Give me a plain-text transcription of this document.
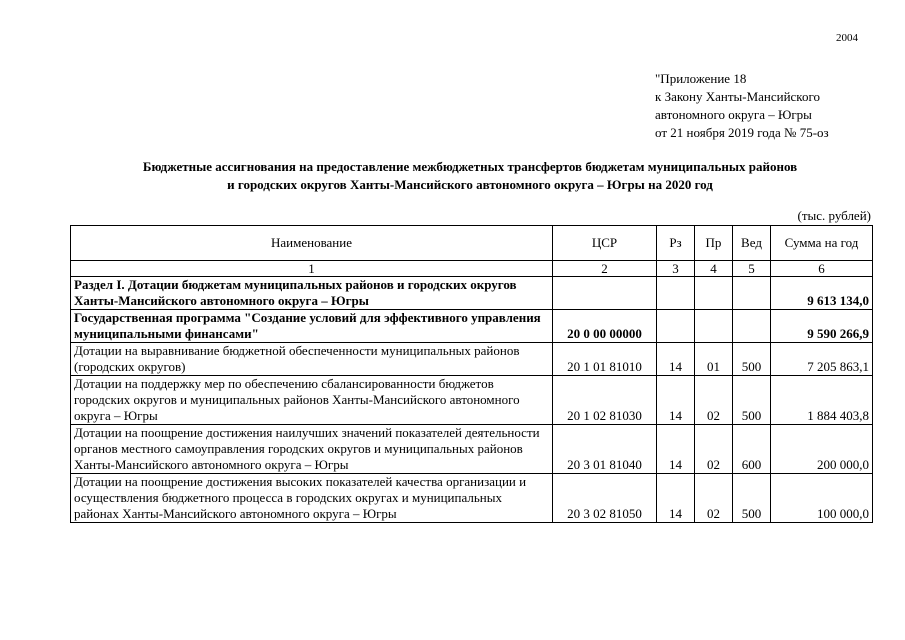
2004
"Приложение 18
к Закону Ханты-Мансийского
автономного округа – Югры
от 21 ноября 2019 года № 75-оз
Бюджетные ассигнования на предоставление межбюджетных трансфертов бюджетам муниципальных районов
и городских округов Ханты-Мансийского автономного округа – Югры на 2020 год
(тыс. рублей)
Наименование	ЦСР	Рз	Пр	Вед	Сумма на год
1	2	3	4	5	6
Раздел I. Дотации бюджетам муниципальных районов и городских округов Ханты-Мансийского автономного округа – Югры					9 613 134,0
Государственная программа "Создание условий для эффективного управления муниципальными финансами"	20 0 00 00000				9 590 266,9
Дотации на выравнивание бюджетной обеспеченности муниципальных районов (городских округов)	20 1 01 81010	14	01	500	7 205 863,1
Дотации на поддержку мер по обеспечению сбалансированности бюджетов городских округов и муниципальных районов Ханты-Мансийского автономного округа – Югры	20 1 02 81030	14	02	500	1 884 403,8
Дотации на поощрение достижения наилучших значений показателей деятельности органов местного самоуправления городских округов и муниципальных районов Ханты-Мансийского автономного округа – Югры	20 3 01 81040	14	02	600	200 000,0
Дотации на поощрение достижения высоких показателей качества организации и осуществления бюджетного процесса в городских округах и муниципальных районах Ханты-Мансийского автономного округа – Югры	20 3 02 81050	14	02	500	100 000,0
